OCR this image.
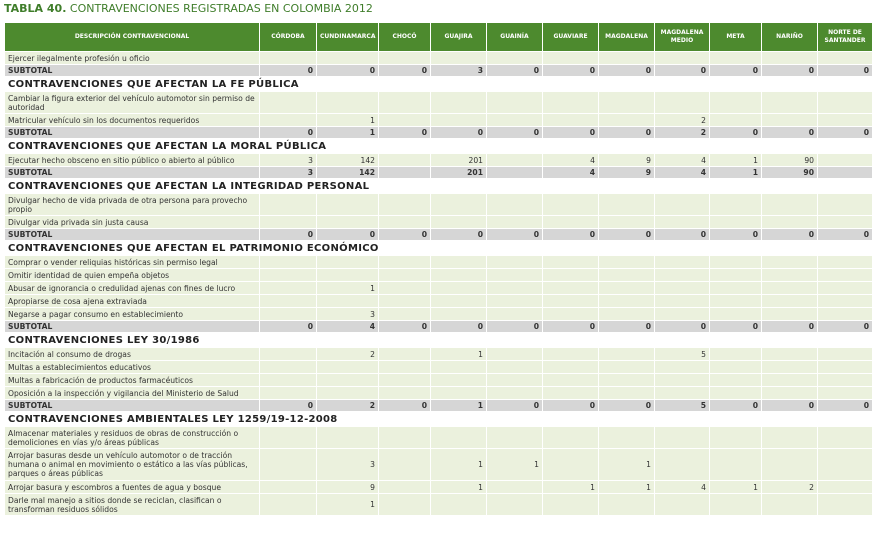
TABLA 40. CONTRAVENCIONES REGISTRADAS EN COLOMBIA 2012
DESCRIPCIÓN CONTRAVENCIONAL	CÓRDOBA	CUNDINAMARCA	CHOCÓ	GUAJIRA	GUAINÍA	GUAVIARE	MAGDALENA	MAGDALENA MEDIO	META	NARIÑO	NORTE DE SANTANDER
Ejercer ilegalmente profesión u oficio											
SUBTOTAL	0	0	0	3	0	0	0	0	0	0	0
CONTRAVENCIONES QUE AFECTAN LA FE PÚBLICA											
Cambiar la figura exterior del vehículo automotor sin permiso de autoridad											
Matricular vehículo sin los documentos requeridos		1						2			
SUBTOTAL	0	1	0	0	0	0	0	2	0	0	0
CONTRAVENCIONES QUE AFECTAN LA MORAL PÚBLICA											
Ejecutar hecho obsceno en sitio público o abierto al público	3	142		201		4	9	4	1	90	
SUBTOTAL	3	142		201		4	9	4	1	90	
CONTRAVENCIONES QUE AFECTAN LA INTEGRIDAD PERSONAL											
Divulgar hecho de vida privada de otra persona para provecho propio											
Divulgar vida privada sin justa causa											
SUBTOTAL	0	0	0	0	0	0	0	0	0	0	0
CONTRAVENCIONES QUE AFECTAN EL PATRIMONIO ECONÓMICO											
Comprar o vender reliquias históricas sin permiso legal											
Omitir identidad de quien empeña objetos											
Abusar de ignorancia o credulidad ajenas con fines de lucro		1									
Apropiarse de cosa ajena extraviada											
Negarse a pagar consumo en establecimiento		3									
SUBTOTAL	0	4	0	0	0	0	0	0	0	0	0
CONTRAVENCIONES LEY 30/1986											
Incitación al consumo de drogas		2		1				5			
Multas a establecimientos educativos											
Multas a fabricación de productos farmacéuticos											
Oposición a la inspección y vigilancia del Ministerio de Salud											
SUBTOTAL	0	2	0	1	0	0	0	5	0	0	0
CONTRAVENCIONES AMBIENTALES LEY 1259/19-12-2008											
Almacenar materiales y residuos de obras de construcción o demoliciones en vías y/o áreas públicas											
Arrojar basuras desde un vehículo automotor o de tracción humana o animal en movimiento o estático a las vías públicas, parques o áreas públicas		3		1	1		1				
Arrojar basura y escombros a fuentes de agua y bosque		9		1		1	1	4	1	2	
Darle mal manejo a sitios donde se reciclan, clasifican o transforman residuos sólidos		1									
